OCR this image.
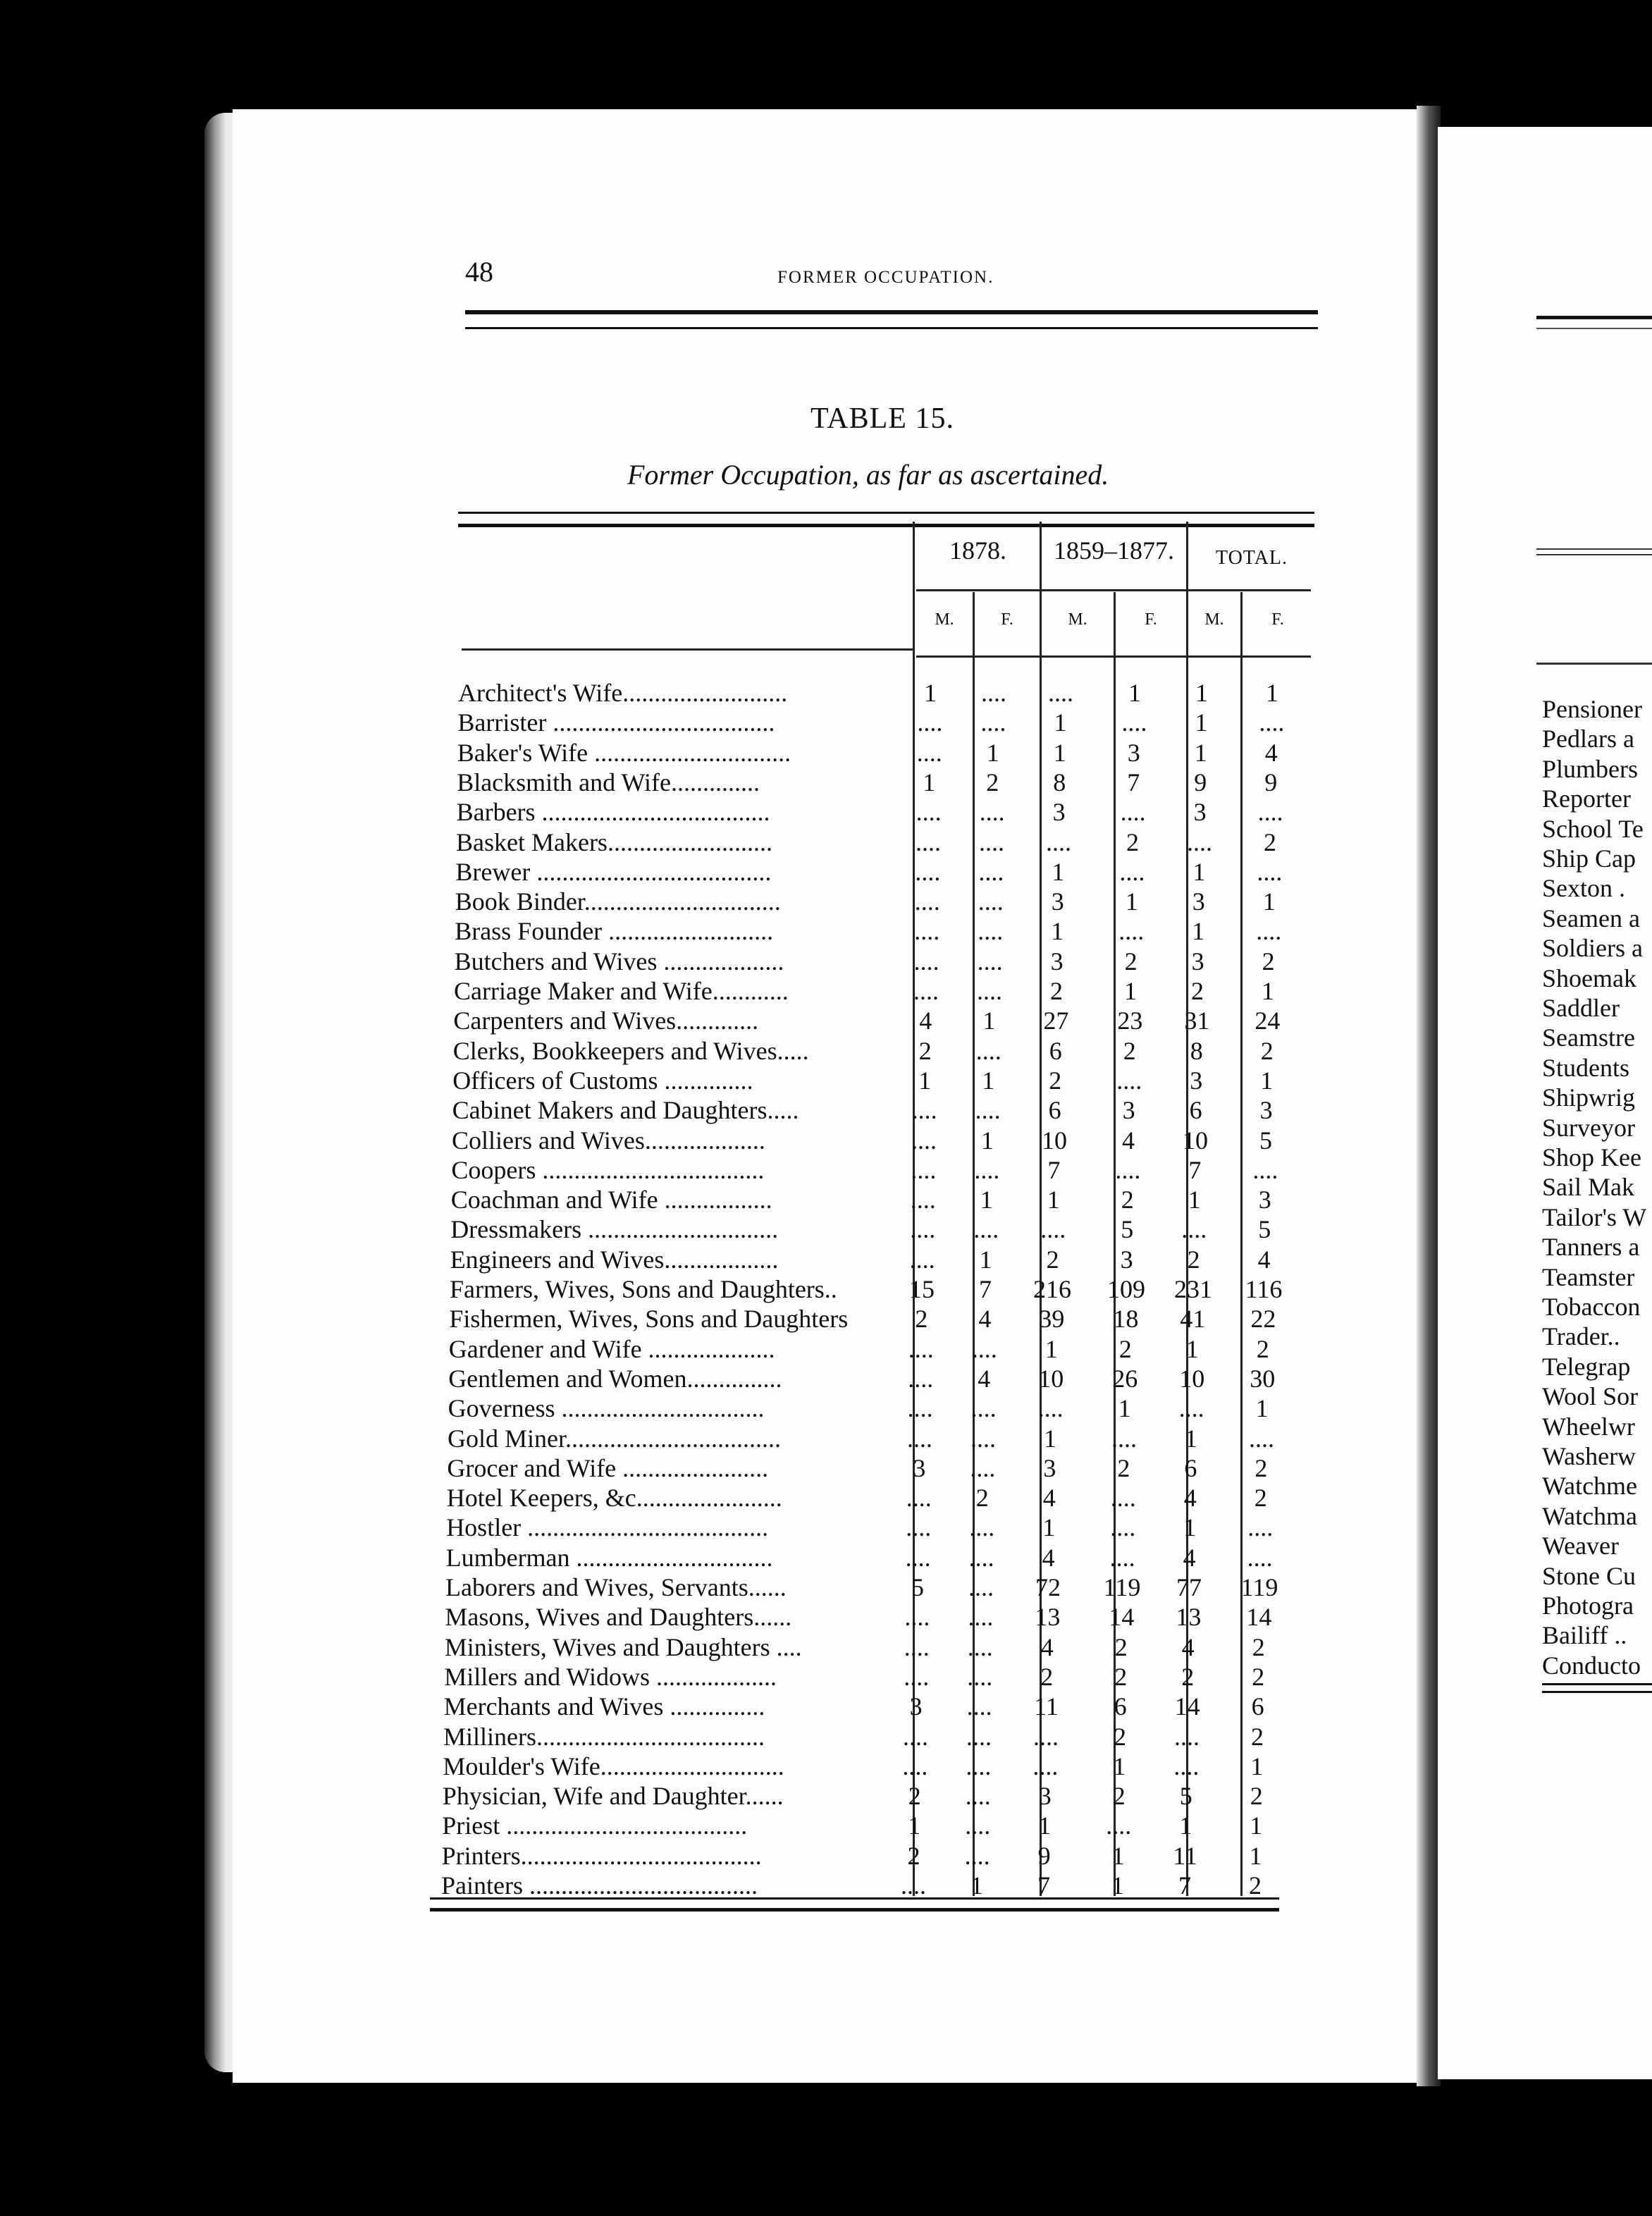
48	FORMER OCCUPATION.
TABLE 15.
Former Occupation, as far as ascertained.
1878.	1859–1877.	TOTAL.
M.	F.	M.	F.	M.	F.
Architect's Wife..........................	1	....	....	1	1	1
Barrister ...................................	....	....	1	....	1	....
Baker's Wife ...............................	....	1	1	3	1	4
Blacksmith and Wife..............	1	2	8	7	9	9
Barbers ....................................	....	....	3	....	3	....
Basket Makers..........................	....	....	....	2	....	2
Brewer .....................................	....	....	1	....	1	....
Book Binder...............................	....	....	3	1	3	1
Brass Founder ..........................	....	....	1	....	1	....
Butchers and Wives ...................	....	....	3	2	3	2
Carriage Maker and Wife............	....	....	2	1	2	1
Carpenters and Wives.............	4	1	27	23	31	24
Clerks, Bookkeepers and Wives.....	2	....	6	2	8	2
Officers of Customs ..............	1	1	2	....	3	1
Cabinet Makers and Daughters.....	....	....	6	3	6	3
Colliers and Wives...................	....	1	10	4	10	5
Coopers ...................................	....	....	7	....	7	....
Coachman and Wife .................	....	1	1	2	1	3
Dressmakers ..............................	....	....	....	5	....	5
Engineers and Wives..................	....	1	2	3	2	4
Farmers, Wives, Sons and Daughters..	15	7	216	109	231	116
Fishermen, Wives, Sons and Daughters	2	4	39	18	41	22
Gardener and Wife ....................	....	....	1	2	1	2
Gentlemen and Women...............	....	4	10	26	10	30
Governess ................................	....	....	....	1	....	1
Gold Miner..................................	....	....	1	....	1	....
Grocer and Wife .......................	3	....	3	2	6	2
Hotel Keepers, &c.......................	....	2	4	....	4	2
Hostler ......................................	....	....	1	....	1	....
Lumberman ...............................	....	....	4	....	4	....
Laborers and Wives, Servants......	5	....	72	119	77	119
Masons, Wives and Daughters......	....	....	13	14	13	14
Ministers, Wives and Daughters ....	....	....	4	2	4	2
Millers and Widows ...................	....	....	2	2	2	2
Merchants and Wives ...............	3	....	11	6	14	6
Milliners....................................	....	....	....	2	....	2
Moulder's Wife.............................	....	....	....	1	....	1
Physician, Wife and Daughter......	2	....	3	2	5	2
Priest ......................................	1	....	1	....	1	1
Printers......................................	2	....	9	1	11	1
Painters ....................................	....	1	7	1	7	2
Pensioner
Pedlars a
Plumbers
Reporter
School Te
Ship Cap
Sexton .
Seamen a
Soldiers a
Shoemak
Saddler
Seamstre
Students
Shipwrig
Surveyor
Shop Kee
Sail Mak
Tailor's W
Tanners a
Teamster
Tobaccon
Trader..
Telegrap
Wool Sor
Wheelwr
Washerw
Watchme
Watchma
Weaver
Stone Cu
Photogra
Bailiff ..
Conducto
